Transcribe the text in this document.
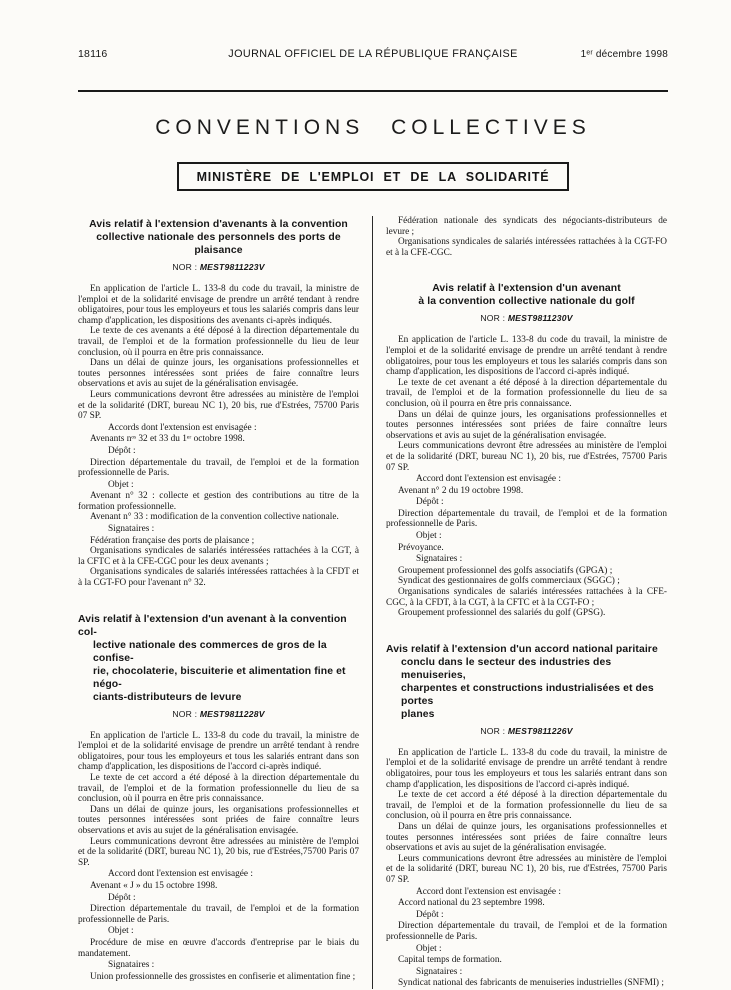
18116	JOURNAL OFFICIEL DE LA RÉPUBLIQUE FRANÇAISE	1ᵉʳ décembre 1998
CONVENTIONS COLLECTIVES
MINISTÈRE DE L'EMPLOI ET DE LA SOLIDARITÉ
Avis relatif à l'extension d'avenants à la convention
collective nationale des personnels des ports de plaisance
NOR : MEST9811223V
En application de l'article L. 133-8 du code du travail, la ministre de l'emploi et de la solidarité envisage de prendre un arrêté tendant à rendre obligatoires, pour tous les employeurs et tous les salariés compris dans leur champ d'application, les dispositions des avenants ci-après indiqués.
Le texte de ces avenants a été déposé à la direction départementale du travail, de l'emploi et de la formation professionnelle du lieu de leur conclusion, où il pourra en être pris connaissance.
Dans un délai de quinze jours, les organisations professionnelles et toutes personnes intéressées sont priées de faire connaître leurs observations et avis au sujet de la généralisation envisagée.
Leurs communications devront être adressées au ministère de l'emploi et de la solidarité (DRT, bureau NC 1), 20 bis, rue d'Estrées, 75700 Paris 07 SP.
Accords dont l'extension est envisagée :
Avenants nᵒˢ 32 et 33 du 1ᵉʳ octobre 1998.
Dépôt :
Direction départementale du travail, de l'emploi et de la formation professionnelle de Paris.
Objet :
Avenant n° 32 : collecte et gestion des contributions au titre de la formation professionnelle.
Avenant n° 33 : modification de la convention collective nationale.
Signataires :
Fédération française des ports de plaisance ;
Organisations syndicales de salariés intéressées rattachées à la CGT, à la CFTC et à la CFE-CGC pour les deux avenants ;
Organisations syndicales de salariés intéressées rattachées à la CFDT et à la CGT-FO pour l'avenant n° 32.
Avis relatif à l'extension d'un avenant à la convention col-
lective nationale des commerces de gros de la confise-
rie, chocolaterie, biscuiterie et alimentation fine et négo-
ciants-distributeurs de levure
NOR : MEST9811228V
En application de l'article L. 133-8 du code du travail, la ministre de l'emploi et de la solidarité envisage de prendre un arrêté tendant à rendre obligatoires, pour tous les employeurs et tous les salariés entrant dans son champ d'application, les dispositions de l'accord ci-après indiqué.
Le texte de cet accord a été déposé à la direction départementale du travail, de l'emploi et de la formation professionnelle du lieu de sa conclusion, où il pourra en être pris connaissance.
Dans un délai de quinze jours, les organisations professionnelles et toutes personnes intéressées sont priées de faire connaître leurs observations et avis au sujet de la généralisation envisagée.
Leurs communications devront être adressées au ministère de l'emploi et de la solidarité (DRT, bureau NC 1), 20 bis, rue d'Estrées,75700 Paris 07 SP.
Accord dont l'extension est envisagée :
Avenant « J » du 15 octobre 1998.
Dépôt :
Direction départementale du travail, de l'emploi et de la formation professionnelle de Paris.
Objet :
Procédure de mise en œuvre d'accords d'entreprise par le biais du mandatement.
Signataires :
Union professionnelle des grossistes en confiserie et alimentation fine ;
Fédération nationale des syndicats des négociants-distributeurs de levure ;
Organisations syndicales de salariés intéressées rattachées à la CGT-FO et à la CFE-CGC.
Avis relatif à l'extension d'un avenant
à la convention collective nationale du golf
NOR : MEST9811230V
En application de l'article L. 133-8 du code du travail, la ministre de l'emploi et de la solidarité envisage de prendre un arrêté tendant à rendre obligatoires, pour tous les employeurs et tous les salariés compris dans son champ d'application, les dispositions de l'accord ci-après indiqué.
Le texte de cet avenant a été déposé à la direction départementale du travail, de l'emploi et de la formation professionnelle du lieu de sa conclusion, où il pourra en être pris connaissance.
Dans un délai de quinze jours, les organisations professionnelles et toutes personnes intéressées sont priées de faire connaître leurs observations et avis au sujet de la généralisation envisagée.
Leurs communications devront être adressées au ministère de l'emploi et de la solidarité (DRT, bureau NC 1), 20 bis, rue d'Estrées, 75700 Paris 07 SP.
Accord dont l'extension est envisagée :
Avenant n° 2 du 19 octobre 1998.
Dépôt :
Direction départementale du travail, de l'emploi et de la formation professionnelle de Paris.
Objet :
Prévoyance.
Signataires :
Groupement professionnel des golfs associatifs (GPGA) ;
Syndicat des gestionnaires de golfs commerciaux (SGGC) ;
Organisations syndicales de salariés intéressées rattachées à la CFE-CGC, à la CFDT, à la CGT, à la CFTC et à la CGT-FO ;
Groupement professionnel des salariés du golf (GPSG).
Avis relatif à l'extension d'un accord national paritaire
conclu dans le secteur des industries des menuiseries,
charpentes et constructions industrialisées et des portes
planes
NOR : MEST9811226V
En application de l'article L. 133-8 du code du travail, la ministre de l'emploi et de la solidarité envisage de prendre un arrêté tendant à rendre obligatoires, pour tous les employeurs et tous les salariés entrant dans son champ d'application, les dispositions de l'accord ci-après indiqué.
Le texte de cet accord a été déposé à la direction départementale du travail, de l'emploi et de la formation professionnelle du lieu de sa conclusion, où il pourra en être pris connaissance.
Dans un délai de quinze jours, les organisations professionnelles et toutes personnes intéressées sont priées de faire connaître leurs observations et avis au sujet de la généralisation envisagée.
Leurs communications devront être adressées au ministère de l'emploi et de la solidarité (DRT, bureau NC 1), 20 bis, rue d'Estrées, 75700 Paris 07 SP.
Accord dont l'extension est envisagée :
Accord national du 23 septembre 1998.
Dépôt :
Direction départementale du travail, de l'emploi et de la formation professionnelle de Paris.
Objet :
Capital temps de formation.
Signataires :
Syndicat national des fabricants de menuiseries industrielles (SNFMI) ;
